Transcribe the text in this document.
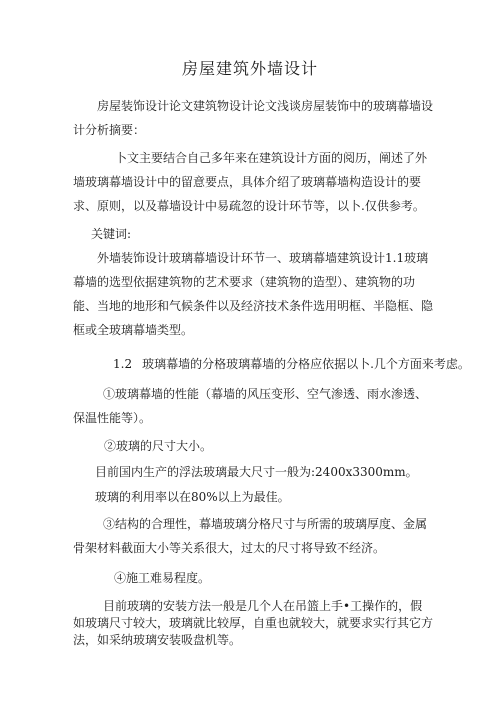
房屋建筑外墙设计

房屋装饰设计论文建筑物设计论文浅谈房屋装饰中的玻璃幕墙设计分析摘要：

卜文主要结合自己多年来在建筑设计方面的阅历，阐述了外墙玻璃幕墙设计中的留意要点，具体介绍了玻璃幕墙构造设计的要求、原则，以及幕墙设计中易疏忽的设计环节等，以卜.仅供参考。

关键词:

外墙装饰设计玻璃幕墙设计环节一、玻璃幕墙建筑设计1.1玻璃幕墙的选型依据建筑物的艺术要求（建筑物的造型）、建筑物的功能、当地的地形和气候条件以及经济技术条件选用明框、半隐框、隐框或全玻璃幕墙类型。

1.2 玻璃幕墙的分格玻璃幕墙的分格应依据以卜.几个方面来考虑。

①玻璃幕墙的性能（幕墙的风压变形、空气渗透、雨水渗透、保温性能等）。

②玻璃的尺寸大小。

目前国内生产的浮法玻璃最大尺寸一般为:2400x3300mm。

玻璃的利用率以在80%以上为最佳。

③结构的合理性，幕墙玻璃分格尺寸与所需的玻璃厚度、金属骨架材料截面大小等关系很大，过太的尺寸将导致不经济。

④施工难易程度。

目前玻璃的安装方法一般是几个人在吊篮上手•工操作的，假如玻璃尺寸较大，玻璃就比较厚，自重也就较大，就要求实行其它方法，如采纳玻璃安装吸盘机等。
